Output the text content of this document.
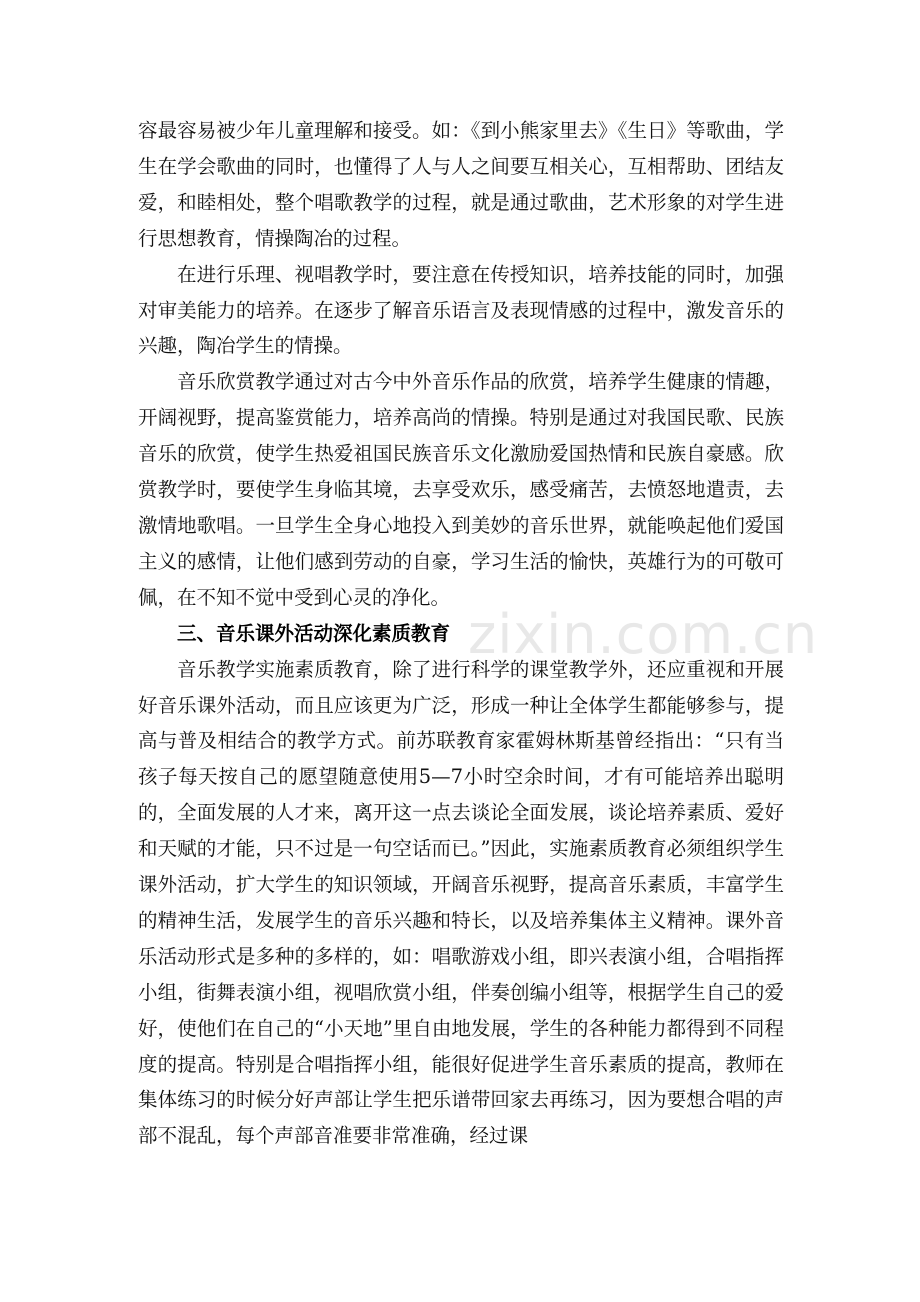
容最容易被少年儿童理解和接受。如：《到小熊家里去》《生日》等歌曲，学生在学会歌曲的同时，也懂得了人与人之间要互相关心，互相帮助、团结友爱，和睦相处，整个唱歌教学的过程，就是通过歌曲，艺术形象的对学生进行思想教育，情操陶冶的过程。

在进行乐理、视唱教学时，要注意在传授知识，培养技能的同时，加强对审美能力的培养。在逐步了解音乐语言及表现情感的过程中，激发音乐的兴趣，陶冶学生的情操。

音乐欣赏教学通过对古今中外音乐作品的欣赏，培养学生健康的情趣，开阔视野，提高鉴赏能力，培养高尚的情操。特别是通过对我国民歌、民族音乐的欣赏，使学生热爱祖国民族音乐文化激励爱国热情和民族自豪感。欣赏教学时，要使学生身临其境，去享受欢乐，感受痛苦，去愤怒地遣责，去激情地歌唱。一旦学生全身心地投入到美妙的音乐世界，就能唤起他们爱国主义的感情，让他们感到劳动的自豪，学习生活的愉快，英雄行为的可敬可佩，在不知不觉中受到心灵的净化。

三、音乐课外活动深化素质教育

音乐教学实施素质教育，除了进行科学的课堂教学外，还应重视和开展好音乐课外活动，而且应该更为广泛，形成一种让全体学生都能够参与，提高与普及相结合的教学方式。前苏联教育家霍姆林斯基曾经指出：“只有当孩子每天按自己的愿望随意使用5—7小时空余时间，才有可能培养出聪明的，全面发展的人才来，离开这一点去谈论全面发展，谈论培养素质、爱好和天赋的才能，只不过是一句空话而已。”因此，实施素质教育必须组织学生课外活动，扩大学生的知识领域，开阔音乐视野，提高音乐素质，丰富学生的精神生活，发展学生的音乐兴趣和特长，以及培养集体主义精神。课外音乐活动形式是多种的多样的，如：唱歌游戏小组，即兴表演小组，合唱指挥小组，街舞表演小组，视唱欣赏小组，伴奏创编小组等，根据学生自己的爱好，使他们在自己的“小天地”里自由地发展，学生的各种能力都得到不同程度的提高。特别是合唱指挥小组，能很好促进学生音乐素质的提高，教师在集体练习的时候分好声部让学生把乐谱带回家去再练习，因为要想合唱的声部不混乱，每个声部音准要非常准确，经过课

zixin.com.cn
